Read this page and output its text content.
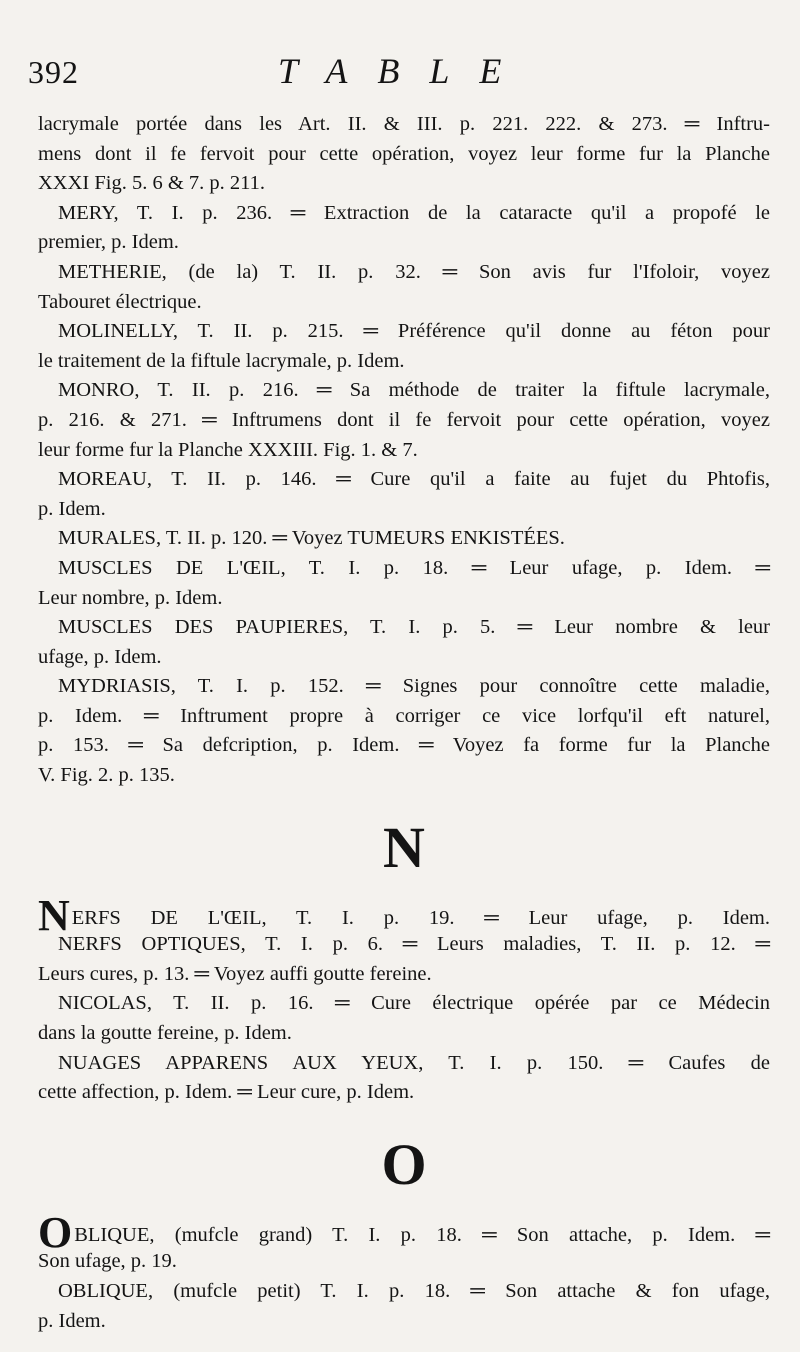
392	TABLE
lacrymale portée dans les Art. II. & III. p. 221. 222. & 273. ═ Inftru-
mens dont il fe fervoit pour cette opération, voyez leur forme fur la Planche
XXXI Fig. 5. 6 & 7. p. 211.
MERY, T. I. p. 236. ═ Extraction de la cataracte qu'il a propofé le
premier, p. Idem.
METHERIE, (de la) T. II. p. 32. ═ Son avis fur l'Ifoloir, voyez
Tabouret électrique.
MOLINELLY, T. II. p. 215. ═ Préférence qu'il donne au féton pour
le traitement de la fiftule lacrymale, p. Idem.
MONRO, T. II. p. 216. ═ Sa méthode de traiter la fiftule lacrymale,
p. 216. & 271. ═ Inftrumens dont il fe fervoit pour cette opération, voyez
leur forme fur la Planche XXXIII. Fig. 1. & 7.
MOREAU, T. II. p. 146. ═ Cure qu'il a faite au fujet du Phtofis,
p. Idem.
MURALES, T. II. p. 120. ═ Voyez TUMEURS ENKISTÉES.
MUSCLES DE L'ŒIL, T. I. p. 18. ═ Leur ufage, p. Idem. ═
Leur nombre, p. Idem.
MUSCLES DES PAUPIERES, T. I. p. 5. ═ Leur nombre & leur
ufage, p. Idem.
MYDRIASIS, T. I. p. 152. ═ Signes pour connoître cette maladie,
p. Idem. ═ Inftrument propre à corriger ce vice lorfqu'il eft naturel,
p. 153. ═ Sa defcription, p. Idem. ═ Voyez fa forme fur la Planche
V. Fig. 2. p. 135.
N
NERFS DE L'ŒIL, T. I. p. 19. ═ Leur ufage, p. Idem.
NERFS OPTIQUES, T. I. p. 6. ═ Leurs maladies, T. II. p. 12. ═
Leurs cures, p. 13. ═ Voyez auffi goutte fereine.
NICOLAS, T. II. p. 16. ═ Cure électrique opérée par ce Médecin
dans la goutte fereine, p. Idem.
NUAGES APPARENS AUX YEUX, T. I. p. 150. ═ Caufes de
cette affection, p. Idem. ═ Leur cure, p. Idem.
O
OBLIQUE, (mufcle grand) T. I. p. 18. ═ Son attache, p. Idem. ═
Son ufage, p. 19.
OBLIQUE, (mufcle petit) T. I. p. 18. ═ Son attache & fon ufage,
p. Idem.
